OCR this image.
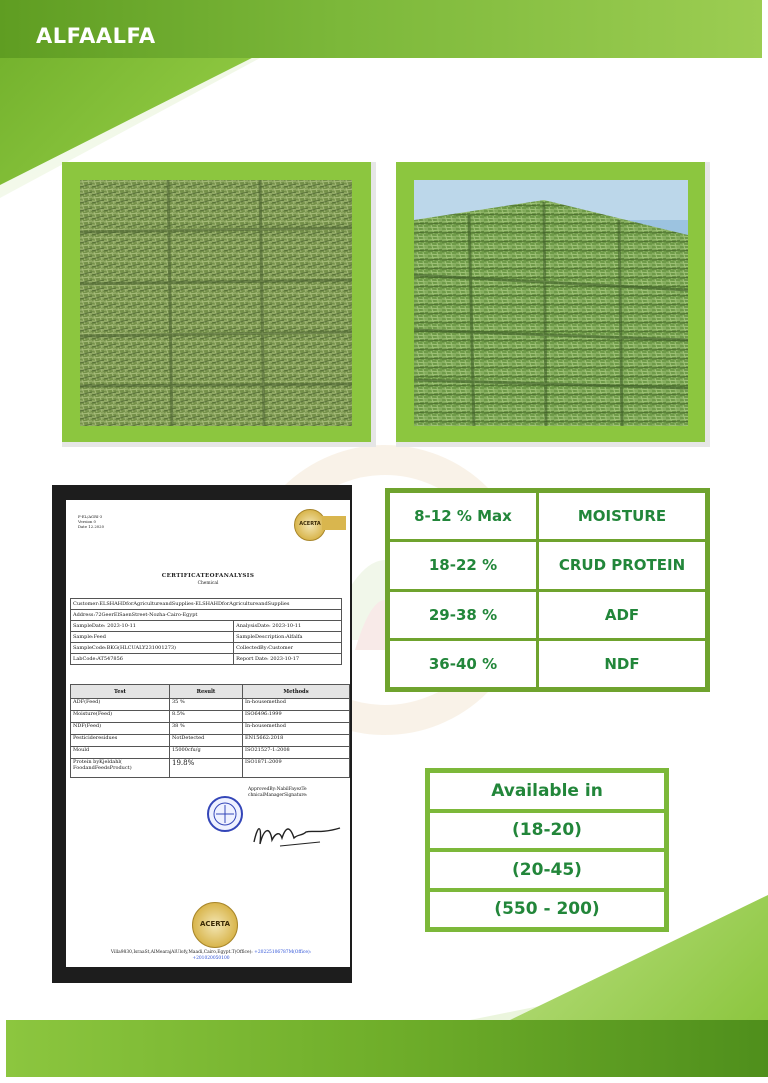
ALFAALFA
F-EL/AGRI-3
Version 0
Date 12.2020	ACERTA
CERTIFICATEOFANALYSIS
Chemical
Customer:ELSHAHDforAgricultureandSupplies-ELSHAHDforAgricultureandSupplies	
Address:72GeerElSaenStreet-Nozha-Cairo-Egypt	
SampleDate: 2023-10-11	AnalysisDate: 2023-10-11
Sample:Feed	SampleDescription:Alfalfa
SampleCode:BKG(HLCUALY231001273)	CollectedBy:Customer
LabCode:AT547856	Report Date: 2023-10-17
Test	Result	Methods
ADF(Feed)	35 %	In-housemethod
Moisture(Feed)	8.5%	ISO6496:1999
NDF(Feed)	38 %	In-housemethod
Pesticideresidues	NotDetected	EN15662:2018
Mould	15000cfu/g	ISO21527-1:2008
Protein byKjeldahl( FoodandFeedsProduct)	19.8%	ISO1871:2009
ApprovedBy:NabilFayezTe
chnicalManagerSignature:
ACERTA
Villa9830,IsraaSt,AlMearajAlUlofy,Maadi,Cairo,Egypt.T(Office): +20225106787M(Office):
+201020050100
8-12 % Max	MOISTURE
18-22 %	CRUD PROTEIN
29-38 %	ADF
36-40 %	NDF
Available in
(18-20)
(20-45)
(550 - 200)
